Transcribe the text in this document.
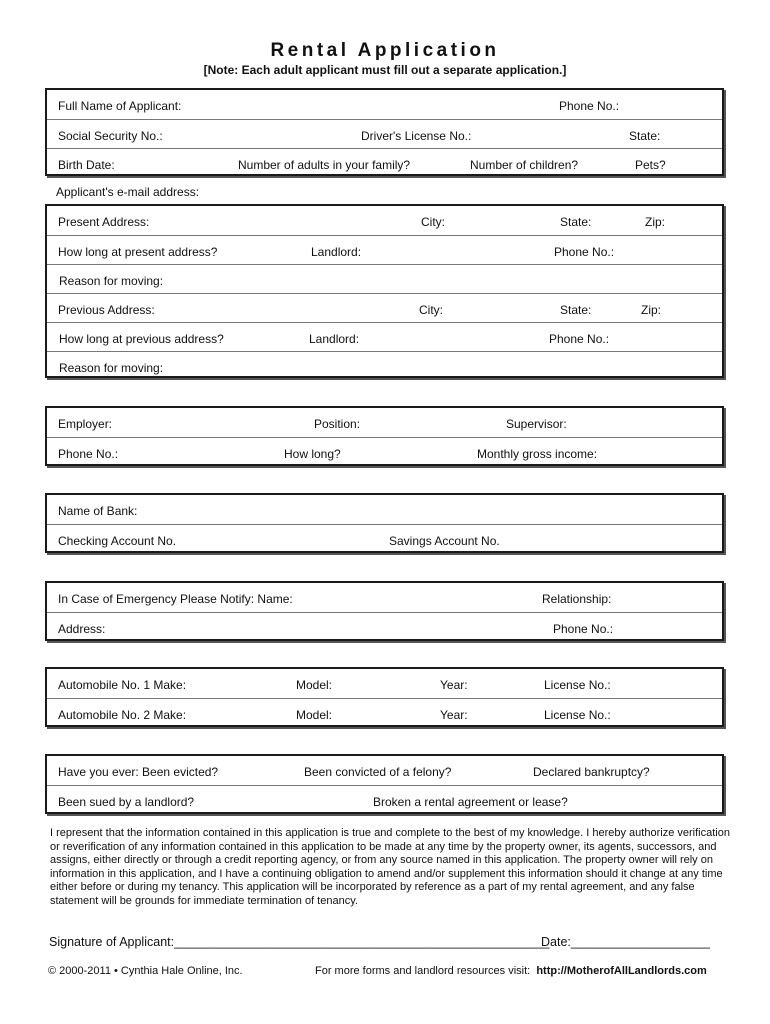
Rental Application
[Note: Each adult applicant must fill out a separate application.]
Full Name of Applicant:	Phone No.:
Social Security No.:	Driver's License No.:	State:
Birth Date:	Number of adults in your family?	Number of children?	Pets?
Applicant's e-mail address:
Present Address:	City:	State:	Zip:
How long at present address?	Landlord:	Phone No.:
Reason for moving:
Previous Address:	City:	State:	Zip:
How long at previous address?	Landlord:	Phone No.:
Reason for moving:
Employer:	Position:	Supervisor:
Phone No.:	How long?	Monthly gross income:
Name of Bank:
Checking Account No.	Savings Account No.
In Case of Emergency Please Notify: Name:	Relationship:
Address:	Phone No.:
Automobile No. 1 Make:	Model:	Year:	License No.:
Automobile No. 2 Make:	Model:	Year:	License No.:
Have you ever: Been evicted?	Been convicted of a felony?	Declared bankruptcy?
Been sued by a landlord?	Broken a rental agreement or lease?
I represent that the information contained in this application is true and complete to the best of my knowledge. I hereby authorize verification or reverification of any information contained in this application to be made at any time by the property owner, its agents, successors, and assigns, either directly or through a credit reporting agency, or from any source named in this application. The property owner will rely on information in this application, and I have a continuing obligation to amend and/or supplement this information should it change at any time either before or during my tenancy. This application will be incorporated by reference as a part of my rental agreement, and any false statement will be grounds for immediate termination of tenancy.
Signature of Applicant:______________________________________________________
Date:____________________
© 2000-2011 • Cynthia Hale Online, Inc.	For more forms and landlord resources visit: http://MotherofAllLandlords.com
